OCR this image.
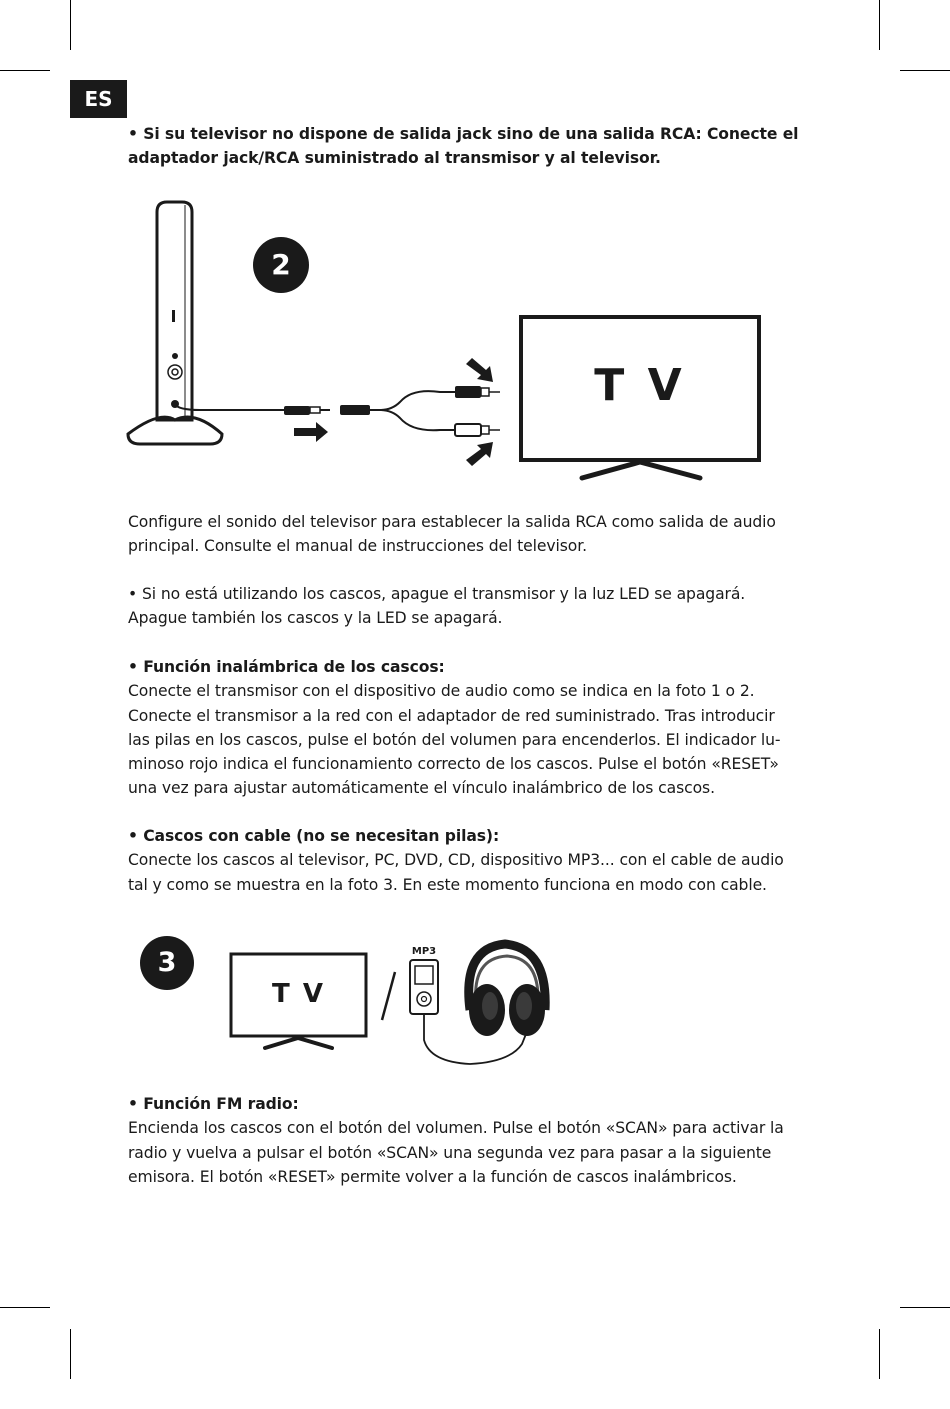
ES
• Si su televisor no dispone de salida jack sino de una salida RCA: Conecte el
adaptador jack/RCA suministrado al transmisor y al televisor.
2
T V
Configure el sonido del televisor para establecer la salida RCA como salida de audio
principal. Consulte el manual de instrucciones del televisor.
• Si no está utilizando los cascos, apague el transmisor y la luz LED se apagará.
Apague también los cascos y la LED se apagará.
• Función inalámbrica de los cascos:
Conecte el transmisor con el dispositivo de audio como se indica en la foto 1 o 2.
Conecte el transmisor a la red con el adaptador de red suministrado. Tras introducir
las pilas en los cascos, pulse el botón del volumen para encenderlos. El indicador lu-
minoso rojo indica el funcionamiento correcto de los cascos. Pulse el botón «RESET»
una vez para ajustar automáticamente el vínculo inalámbrico de los cascos.
• Cascos con cable (no se necesitan pilas):
Conecte los cascos al televisor, PC, DVD, CD, dispositivo MP3... con el cable de audio
tal y como se muestra en la foto 3. En este momento funciona en modo con cable.
3
T V
MP3
• Función FM radio:
Encienda los cascos con el botón del volumen. Pulse el botón «SCAN» para activar la
radio y vuelva a pulsar el botón «SCAN» una segunda vez para pasar a la siguiente
emisora. El botón «RESET» permite volver a la función de cascos inalámbricos.
